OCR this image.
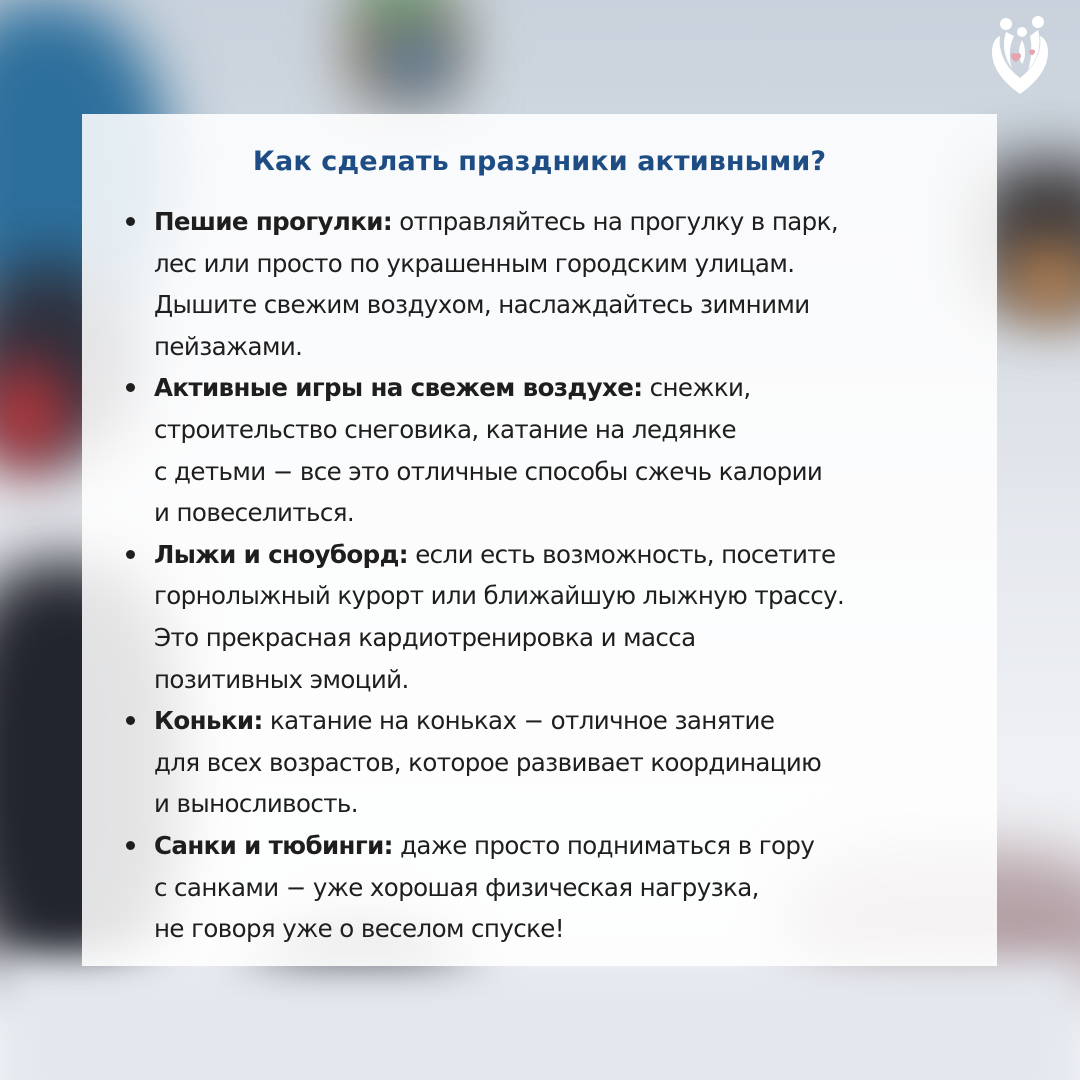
Как сделать праздники активными?
Пешие прогулки: отправляйтесь на прогулку в парк,
лес или просто по украшенным городским улицам.
Дышите свежим воздухом, наслаждайтесь зимними
пейзажами.
Активные игры на свежем воздухе: снежки,
строительство снеговика, катание на ледянке
с детьми − все это отличные способы сжечь калории
и повеселиться.
Лыжи и сноуборд: если есть возможность, посетите
горнолыжный курорт или ближайшую лыжную трассу.
Это прекрасная кардиотренировка и масса
позитивных эмоций.
Коньки: катание на коньках − отличное занятие
для всех возрастов, которое развивает координацию
и выносливость.
Санки и тюбинги: даже просто подниматься в гору
с санками − уже хорошая физическая нагрузка,
не говоря уже о веселом спуске!
